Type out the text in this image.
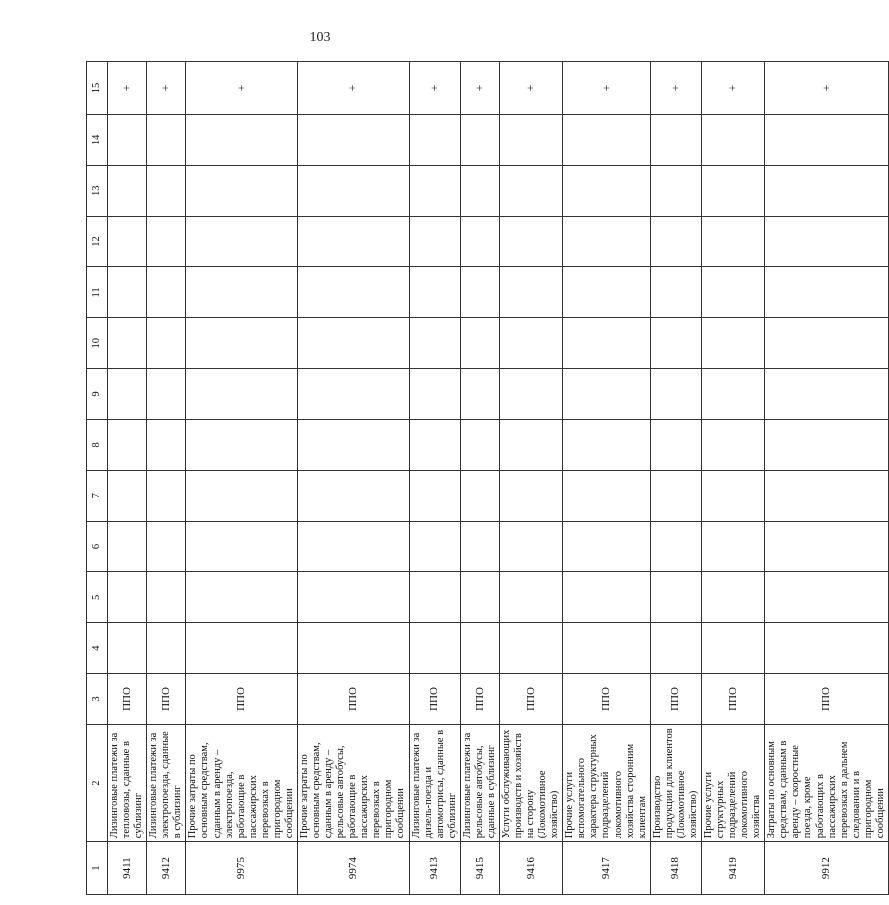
103
1	2	3	4	5	6	7	8	9	10	11	12	13	14	15
9411	Лизинговые платежи за тепловозы, сданные в сублизинг	ППО												+
9412	Лизинговые платежи за электропоезда, сданные в сублизинг	ППО												+
9975	Прочие затраты по основным средствам, сданным в аренду – электропоезда, работающие в пассажирских перевозках в пригородном сообщении	ППО												+
9974	Прочие затраты по основным средствам, сданным в аренду – рельсовые автобусы, работающие в пассажирских перевозках в пригородном сообщении	ППО												+
9413	Лизинговые платежи за дизель-поезда и автомотрисы, сданные в сублизинг	ППО												+
9415	Лизинговые платежи за рельсовые автобусы, сданные в сублизинг	ППО												+
9416	Услуги обслуживающих производств и хозяйств на сторону (Локомотивное хозяйство)	ППО												+
9417	Прочие услуги вспомогательного характера структурных подразделений локомотивного хозяйства сторонним клиентам	ППО												+
9418	Производство продукции для клиентов (Локомотивное хозяйство)	ППО												+
9419	Прочие услуги структурных подразделений локомотивного хозяйства	ППО												+
9912	Затраты по основным средствам, сданным в аренду – скоростные поезда, кроме работающих в пассажирских перевозках в дальнем следовании и в пригородном сообщении	ППО												+
